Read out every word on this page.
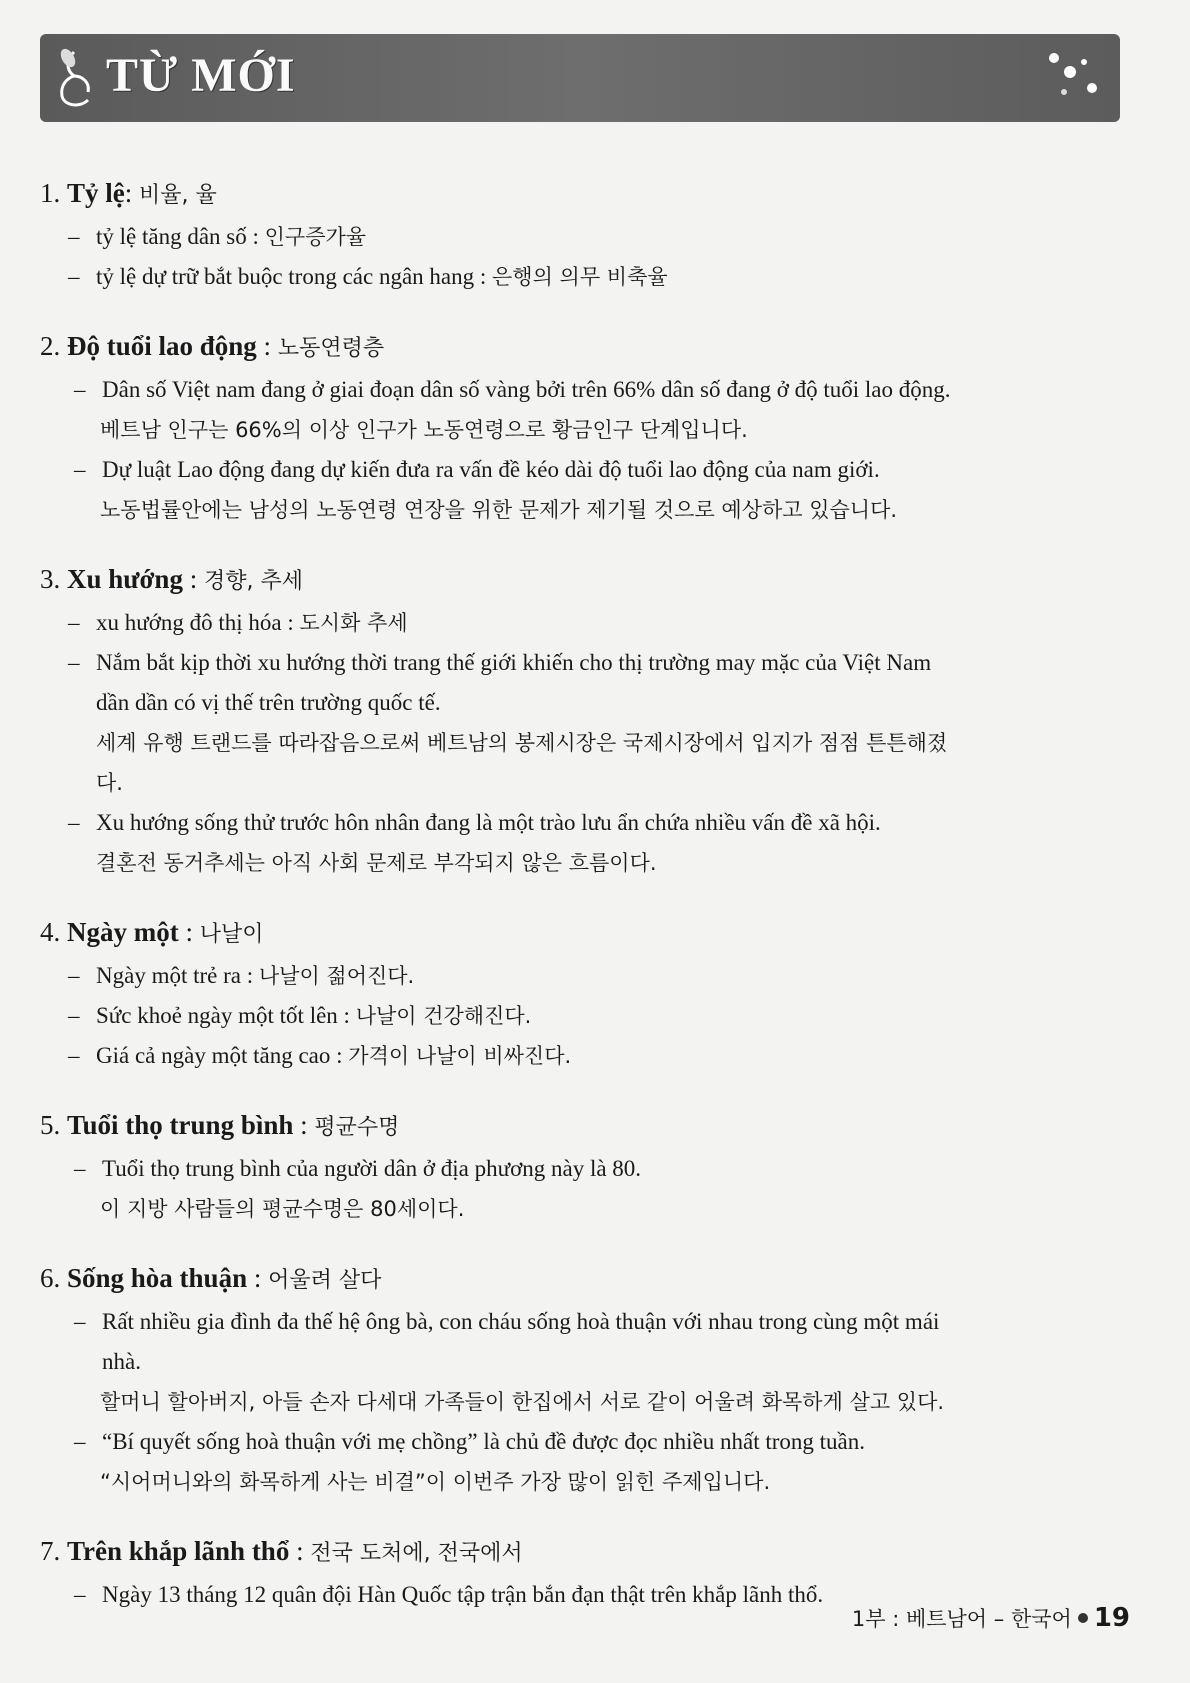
TỪ MỚI
1. Tỷ lệ: 비율, 율
– tỷ lệ tăng dân số : 인구증가율
– tỷ lệ dự trữ bắt buộc trong các ngân hang : 은행의 의무 비축율
2. Độ tuổi lao động : 노동연령층
– Dân số Việt nam đang ở giai đoạn dân số vàng bởi trên 66% dân số đang ở độ tuổi lao động.
베트남 인구는 66%의 이상 인구가 노동연령으로 황금인구 단계입니다.
– Dự luật Lao động đang dự kiến đưa ra vấn đề kéo dài độ tuổi lao động của nam giới.
노동법률안에는 남성의 노동연령 연장을 위한 문제가 제기될 것으로 예상하고 있습니다.
3. Xu hướng : 경향, 추세
– xu hướng đô thị hóa : 도시화 추세
– Nắm bắt kịp thời xu hướng thời trang thế giới khiến cho thị trường may mặc của Việt Nam
dần dần có vị thế trên trường quốc tế.
세계 유행 트랜드를 따라잡음으로써 베트남의 봉제시장은 국제시장에서 입지가 점점 튼튼해졌
다.
– Xu hướng sống thử trước hôn nhân đang là một trào lưu ẩn chứa nhiều vấn đề xã hội.
결혼전 동거추세는 아직 사회 문제로 부각되지 않은 흐름이다.
4. Ngày một : 나날이
– Ngày một trẻ ra : 나날이 젊어진다.
– Sức khoẻ ngày một tốt lên : 나날이 건강해진다.
– Giá cả ngày một tăng cao : 가격이 나날이 비싸진다.
5. Tuổi thọ trung bình : 평균수명
– Tuổi thọ trung bình của người dân ở địa phương này là 80.
이 지방 사람들의 평균수명은 80세이다.
6. Sống hòa thuận : 어울려 살다
– Rất nhiều gia đình đa thế hệ ông bà, con cháu sống hoà thuận với nhau trong cùng một mái
nhà.
할머니 할아버지, 아들 손자 다세대 가족들이 한집에서 서로 같이 어울려 화목하게 살고 있다.
– “Bí quyết sống hoà thuận với mẹ chồng” là chủ đề được đọc nhiều nhất trong tuần.
“시어머니와의 화목하게 사는 비결”이 이번주 가장 많이 읽힌 주제입니다.
7. Trên khắp lãnh thổ : 전국 도처에, 전국에서
– Ngày 13 tháng 12 quân đội Hàn Quốc tập trận bắn đạn thật trên khắp lãnh thổ.
1부 : 베트남어 – 한국어 19
